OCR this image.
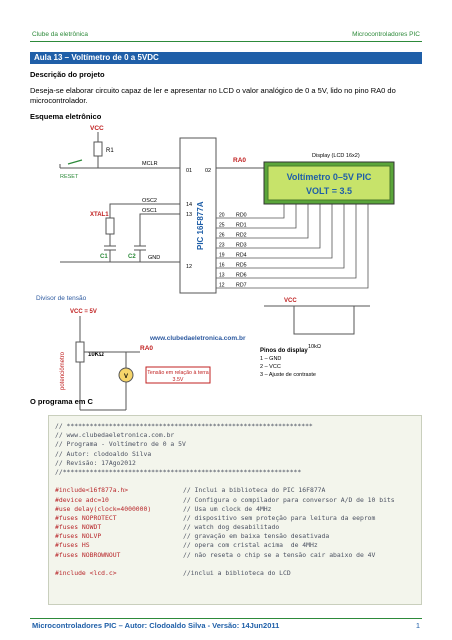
Clube da eletrônica	Microcontroladores PIC
Aula 13 – Voltímetro de 0 a 5VDC
Descrição do projeto
Deseja-se elaborar circuito capaz de ler e apresentar no LCD o valor analógico de 0 a 5V, lido no pino RA0 do microcontrolador.
Esquema eletrônico
VCC
R1
RESET
MCLR
01 02
PIC 16F877A
RA0
OSC2
OSC1
14
13
XTAL1
C1	C2 GND
12
RD0
20
RD1
25
RD2
26
RD3
23
RD4
19
RD5
16
RD6
13
RD7
12
Display (LCD 16x2)
Voltímetro 0–5V PIC
VOLT = 3.5
VCC
10kΩ
Pinos do display
1 – GND
2 – VCC
3 – Ajuste de contraste
Divisor de tensão
VCC = 5V
potenciômetro	10KΩ
RA0
V
Tensão em relação à terra
3.5V
www.clubedaeletronica.com.br
O programa em C
// ****************************************************************
// www.clubedaeletronica.com.br
// Programa - Voltímetro de 0 a 5V
// Autor: clodoaldo Silva
// Revisão: 17Ago2012
//**************************************************************
#include<16f877a.h>	// Inclui a biblioteca do PIC 16F877A
#device adc=10	// Configura o compilador para conversor A/D de 10 bits
#use delay(clock=4000000)	// Usa um clock de 4MHz
#fuses NOPROTECT	// dispositivo sem proteção para leitura da eeprom
#fuses NOWDT	// watch dog desabilitado
#fuses NOLVP	// gravação em baixa tensão desativada
#fuses HS	// opera com cristal acima  de 4MHz
#fuses NOBROWNOUT	// não reseta o chip se a tensão cair abaixo de 4V
#include <lcd.c>	//inclui a biblioteca do LCD
Microcontroladores PIC – Autor: Clodoaldo Silva - Versão: 14Jun2011	1
